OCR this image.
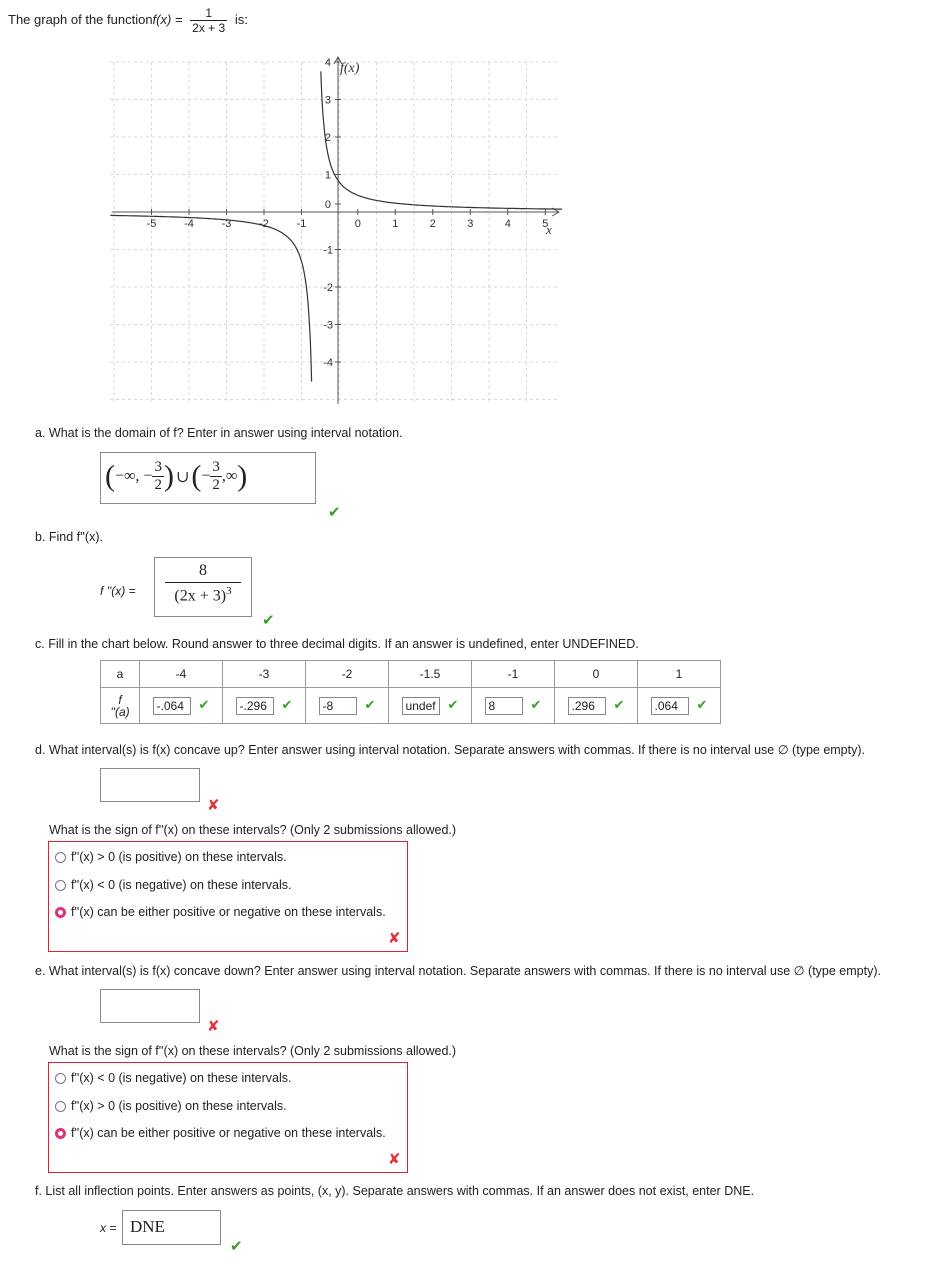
The graph of the functionf(x) = $\frac{1}{2x + 3}$ is:
-5	-4	-3	-2	-1	0	1	2	3	4	5
4
3
2
1
0
-1
-2
-3
-4
f(x)
x
a. What is the domain of f? Enter in answer using interval notation.
(−∞, − $\frac{3}{2}$ ) ∪(− $\frac{3}{2}$ ,∞)
✔
b. Find f''(x).
f ''(x) =
8
$(2x + 3)^3$
✔
c. Fill in the chart below. Round answer to three decimal digits. If an answer is undefined, enter UNDEFINED.
a	-4	-3	-2	-1.5	-1	0	1

f
''(a)	-.064 ✔	-.296 ✔	-8 ✔	undef ✔	8 ✔	.296 ✔	.064 ✔
d. What interval(s) is f(x) concave up? Enter answer using interval notation. Separate answers with commas. If there is no interval use ∅ (type empty).
✘
What is the sign of f''(x) on these intervals? (Only 2 submissions allowed.)
f''(x) > 0 (is positive) on these intervals.
f''(x) < 0 (is negative) on these intervals.
f''(x) can be either positive or negative on these intervals.
✘
e. What interval(s) is f(x) concave down? Enter answer using interval notation. Separate answers with commas. If there is no interval use ∅ (type empty).
✘
What is the sign of f''(x) on these intervals? (Only 2 submissions allowed.)
f''(x) < 0 (is negative) on these intervals.
f''(x) > 0 (is positive) on these intervals.
f''(x) can be either positive or negative on these intervals.
✘
f. List all inflection points. Enter answers as points, (x, y). Separate answers with commas. If an answer does not exist, enter DNE.
x = DNE
✔
